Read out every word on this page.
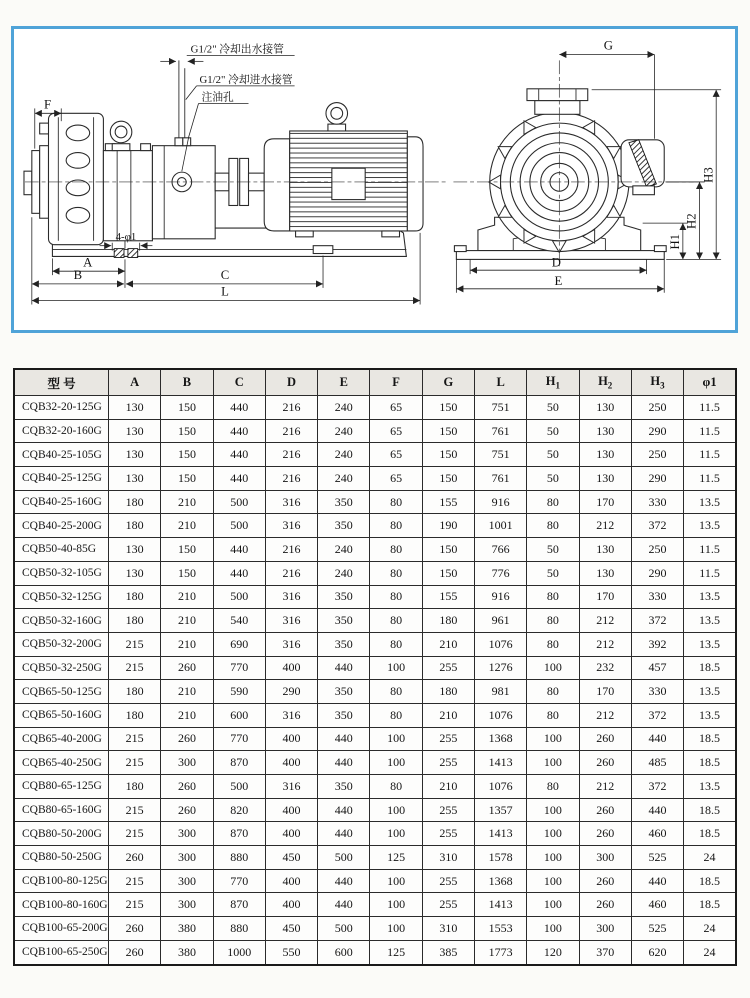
G1/2" 冷却出水接管
G1/2" 冷却进水接管
注油孔
4-φ1
F
A
B	C
L
G
H3
H2
H1
D
E
型 号	A	B	C	D	E	F	G	L	$H_1$	$H_2$	$H_3$	φ1
CQB32-20-125G	130	150	440	216	240	65	150	751	50	130	250	11.5
CQB32-20-160G	130	150	440	216	240	65	150	761	50	130	290	11.5
CQB40-25-105G	130	150	440	216	240	65	150	751	50	130	250	11.5
CQB40-25-125G	130	150	440	216	240	65	150	761	50	130	290	11.5
CQB40-25-160G	180	210	500	316	350	80	155	916	80	170	330	13.5
CQB40-25-200G	180	210	500	316	350	80	190	1001	80	212	372	13.5
CQB50-40-85G	130	150	440	216	240	80	150	766	50	130	250	11.5
CQB50-32-105G	130	150	440	216	240	80	150	776	50	130	290	11.5
CQB50-32-125G	180	210	500	316	350	80	155	916	80	170	330	13.5
CQB50-32-160G	180	210	540	316	350	80	180	961	80	212	372	13.5
CQB50-32-200G	215	210	690	316	350	80	210	1076	80	212	392	13.5
CQB50-32-250G	215	260	770	400	440	100	255	1276	100	232	457	18.5
CQB65-50-125G	180	210	590	290	350	80	180	981	80	170	330	13.5
CQB65-50-160G	180	210	600	316	350	80	210	1076	80	212	372	13.5
CQB65-40-200G	215	260	770	400	440	100	255	1368	100	260	440	18.5
CQB65-40-250G	215	300	870	400	440	100	255	1413	100	260	485	18.5
CQB80-65-125G	180	260	500	316	350	80	210	1076	80	212	372	13.5
CQB80-65-160G	215	260	820	400	440	100	255	1357	100	260	440	18.5
CQB80-50-200G	215	300	870	400	440	100	255	1413	100	260	460	18.5
CQB80-50-250G	260	300	880	450	500	125	310	1578	100	300	525	24
CQB100-80-125G	215	300	770	400	440	100	255	1368	100	260	440	18.5
CQB100-80-160G	215	300	870	400	440	100	255	1413	100	260	460	18.5
CQB100-65-200G	260	380	880	450	500	100	310	1553	100	300	525	24
CQB100-65-250G	260	380	1000	550	600	125	385	1773	120	370	620	24
